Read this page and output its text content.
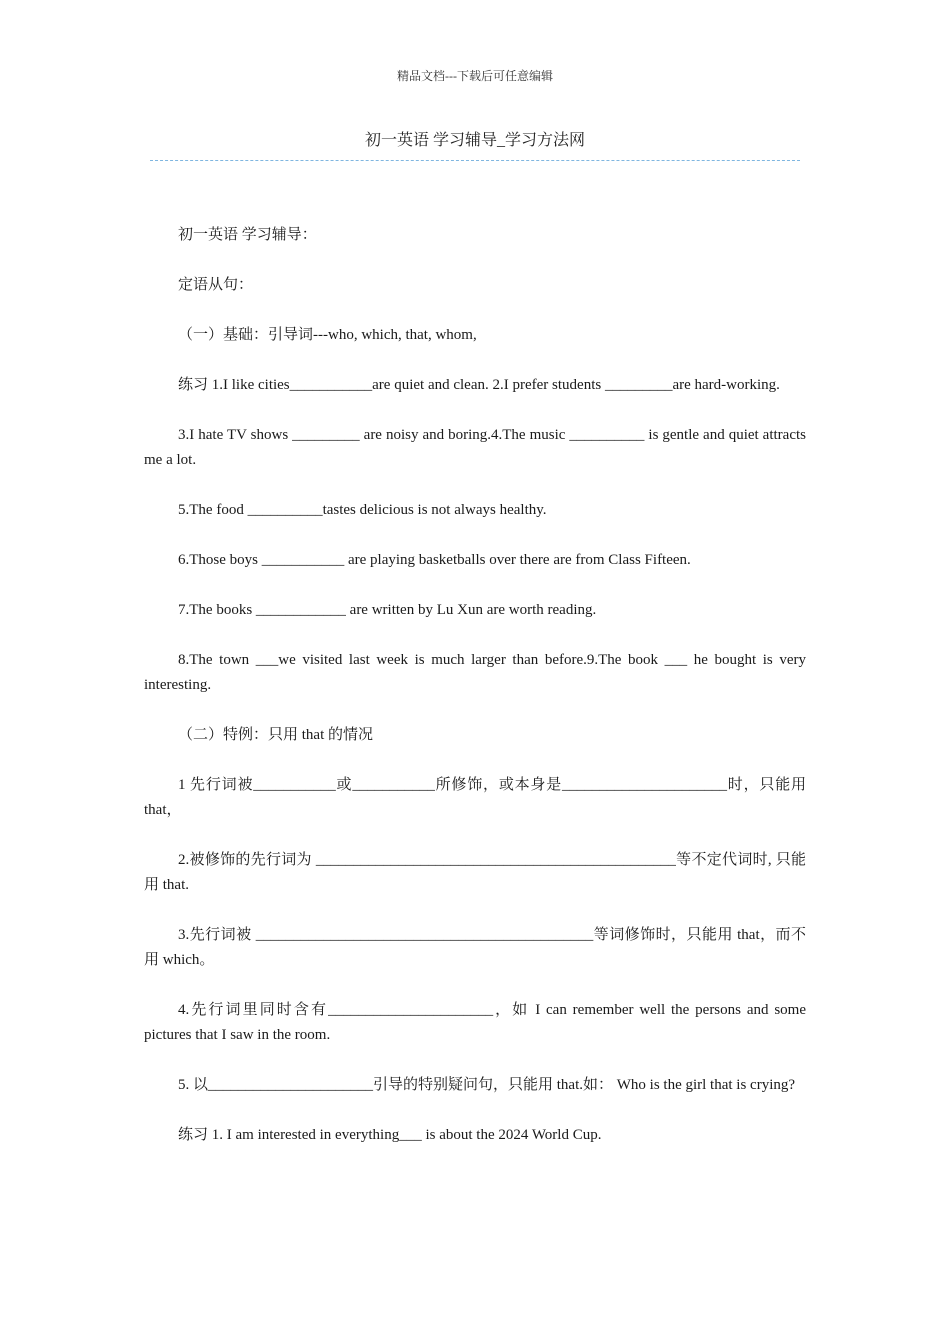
精品文档---下载后可任意编辑
初一英语 学习辅导_学习方法网

初一英语 学习辅导：

定语从句：

（一）基础：引导词---who, which, that, whom,

练习 1.I like cities___________are quiet and clean. 2.I prefer students _________are hard-working.

3.I hate TV shows _________ are noisy and boring.4.The music __________ is gentle and quiet attracts me a lot.

5.The food __________tastes delicious is not always healthy.

6.Those boys ___________ are playing basketballs over there are from Class Fifteen.

7.The books ____________ are written by Lu Xun are worth reading.

8.The town ___we visited last week is much larger than before.9.The book ___ he bought is very interesting.

（二）特例：只用 that 的情况

1 先行词被___________或___________所修饰，或本身是______________________时，只能用 that，

2.被修饰的先行词为 ________________________________________________等不定代词时, 只能用 that.

3.先行词被 _____________________________________________等词修饰时，只能用 that，而不用 which。

4.先行词里同时含有______________________，如 I can remember well the persons and some pictures that I saw in the room.

5. 以______________________引导的特别疑问句，只能用 that.如： Who is the girl that is crying?

练习 1. I am interested in everything___ is about the 2024 World Cup.
